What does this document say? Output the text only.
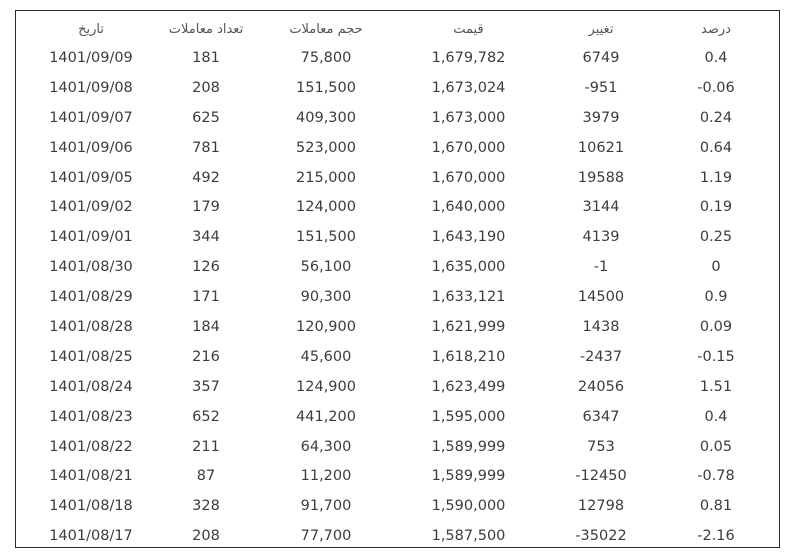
تاریخ	تعداد معاملات	حجم معاملات	قیمت	تغییر	درصد
1401/09/09	181	75,800	1,679,782	6749	0.4
1401/09/08	208	151,500	1,673,024	-951	-0.06
1401/09/07	625	409,300	1,673,000	3979	0.24
1401/09/06	781	523,000	1,670,000	10621	0.64
1401/09/05	492	215,000	1,670,000	19588	1.19
1401/09/02	179	124,000	1,640,000	3144	0.19
1401/09/01	344	151,500	1,643,190	4139	0.25
1401/08/30	126	56,100	1,635,000	-1	0
1401/08/29	171	90,300	1,633,121	14500	0.9
1401/08/28	184	120,900	1,621,999	1438	0.09
1401/08/25	216	45,600	1,618,210	-2437	-0.15
1401/08/24	357	124,900	1,623,499	24056	1.51
1401/08/23	652	441,200	1,595,000	6347	0.4
1401/08/22	211	64,300	1,589,999	753	0.05
1401/08/21	87	11,200	1,589,999	-12450	-0.78
1401/08/18	328	91,700	1,590,000	12798	0.81
1401/08/17	208	77,700	1,587,500	-35022	-2.16
